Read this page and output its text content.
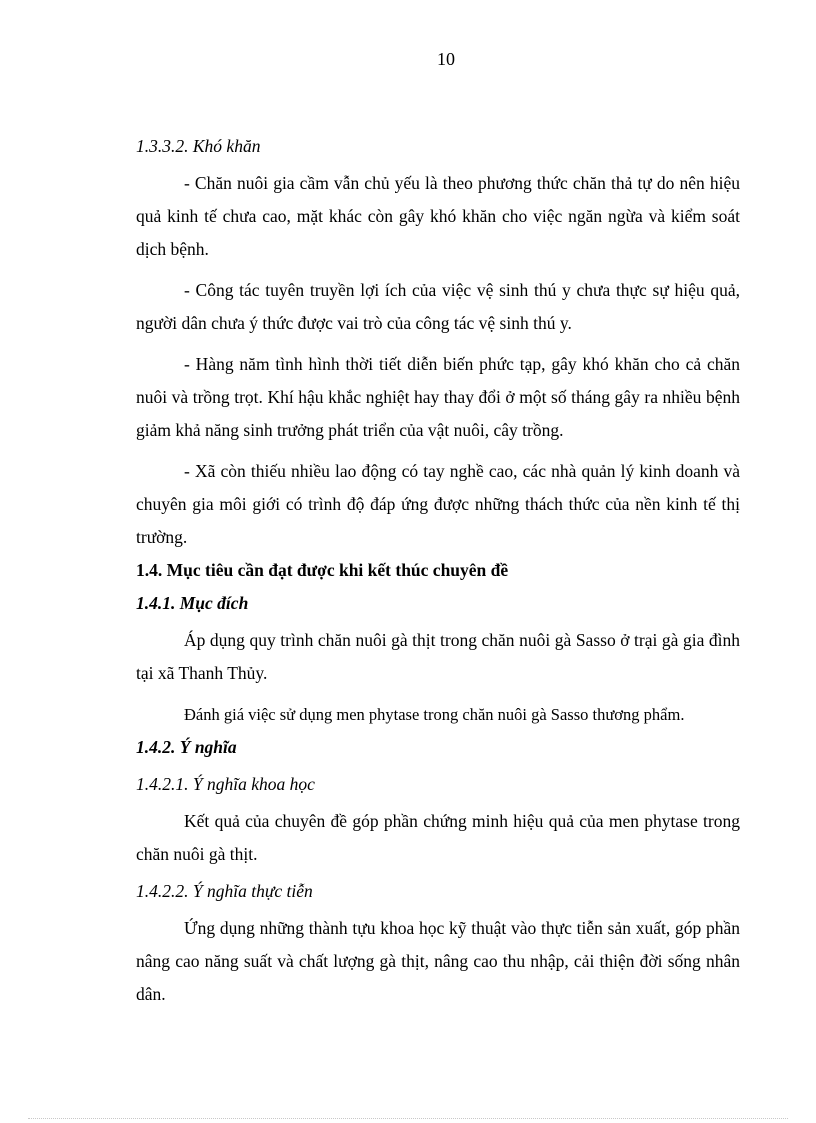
10

1.3.3.2. Khó khăn

- Chăn nuôi gia cầm vẫn chủ yếu là theo phương thức chăn thả tự do nên hiệu quả kinh tế chưa cao, mặt khác còn gây khó khăn cho việc ngăn ngừa và kiểm soát dịch bệnh.

- Công tác tuyên truyền lợi ích của việc vệ sinh thú y chưa thực sự hiệu quả, người dân chưa ý thức được vai trò của công tác vệ sinh thú y.

- Hàng năm tình hình thời tiết diễn biến phức tạp, gây khó khăn cho cả chăn nuôi và trồng trọt. Khí hậu khắc nghiệt hay thay đổi ở một số tháng gây ra nhiều bệnh giảm khả năng sinh trưởng phát triển của vật nuôi, cây trồng.

- Xã còn thiếu nhiều lao động có tay nghề cao, các nhà quản lý kinh doanh và chuyên gia môi giới có trình độ đáp ứng được những thách thức của nền kinh tế thị trường.

1.4. Mục tiêu cần đạt được khi kết thúc chuyên đề

1.4.1. Mục đích

Áp dụng quy trình chăn nuôi gà thịt trong chăn nuôi gà Sasso ở trại gà gia đình tại xã Thanh Thủy.

Đánh giá việc sử dụng men phytase trong chăn nuôi gà Sasso thương phẩm.

1.4.2. Ý nghĩa

1.4.2.1. Ý nghĩa khoa học

Kết quả của chuyên đề góp phần chứng minh hiệu quả của men phytase trong chăn nuôi gà thịt.

1.4.2.2. Ý nghĩa thực tiễn

Ứng dụng những thành tựu khoa học kỹ thuật vào thực tiễn sản xuất, góp phần nâng cao năng suất và chất lượng gà thịt, nâng cao thu nhập, cải thiện đời sống nhân dân.
